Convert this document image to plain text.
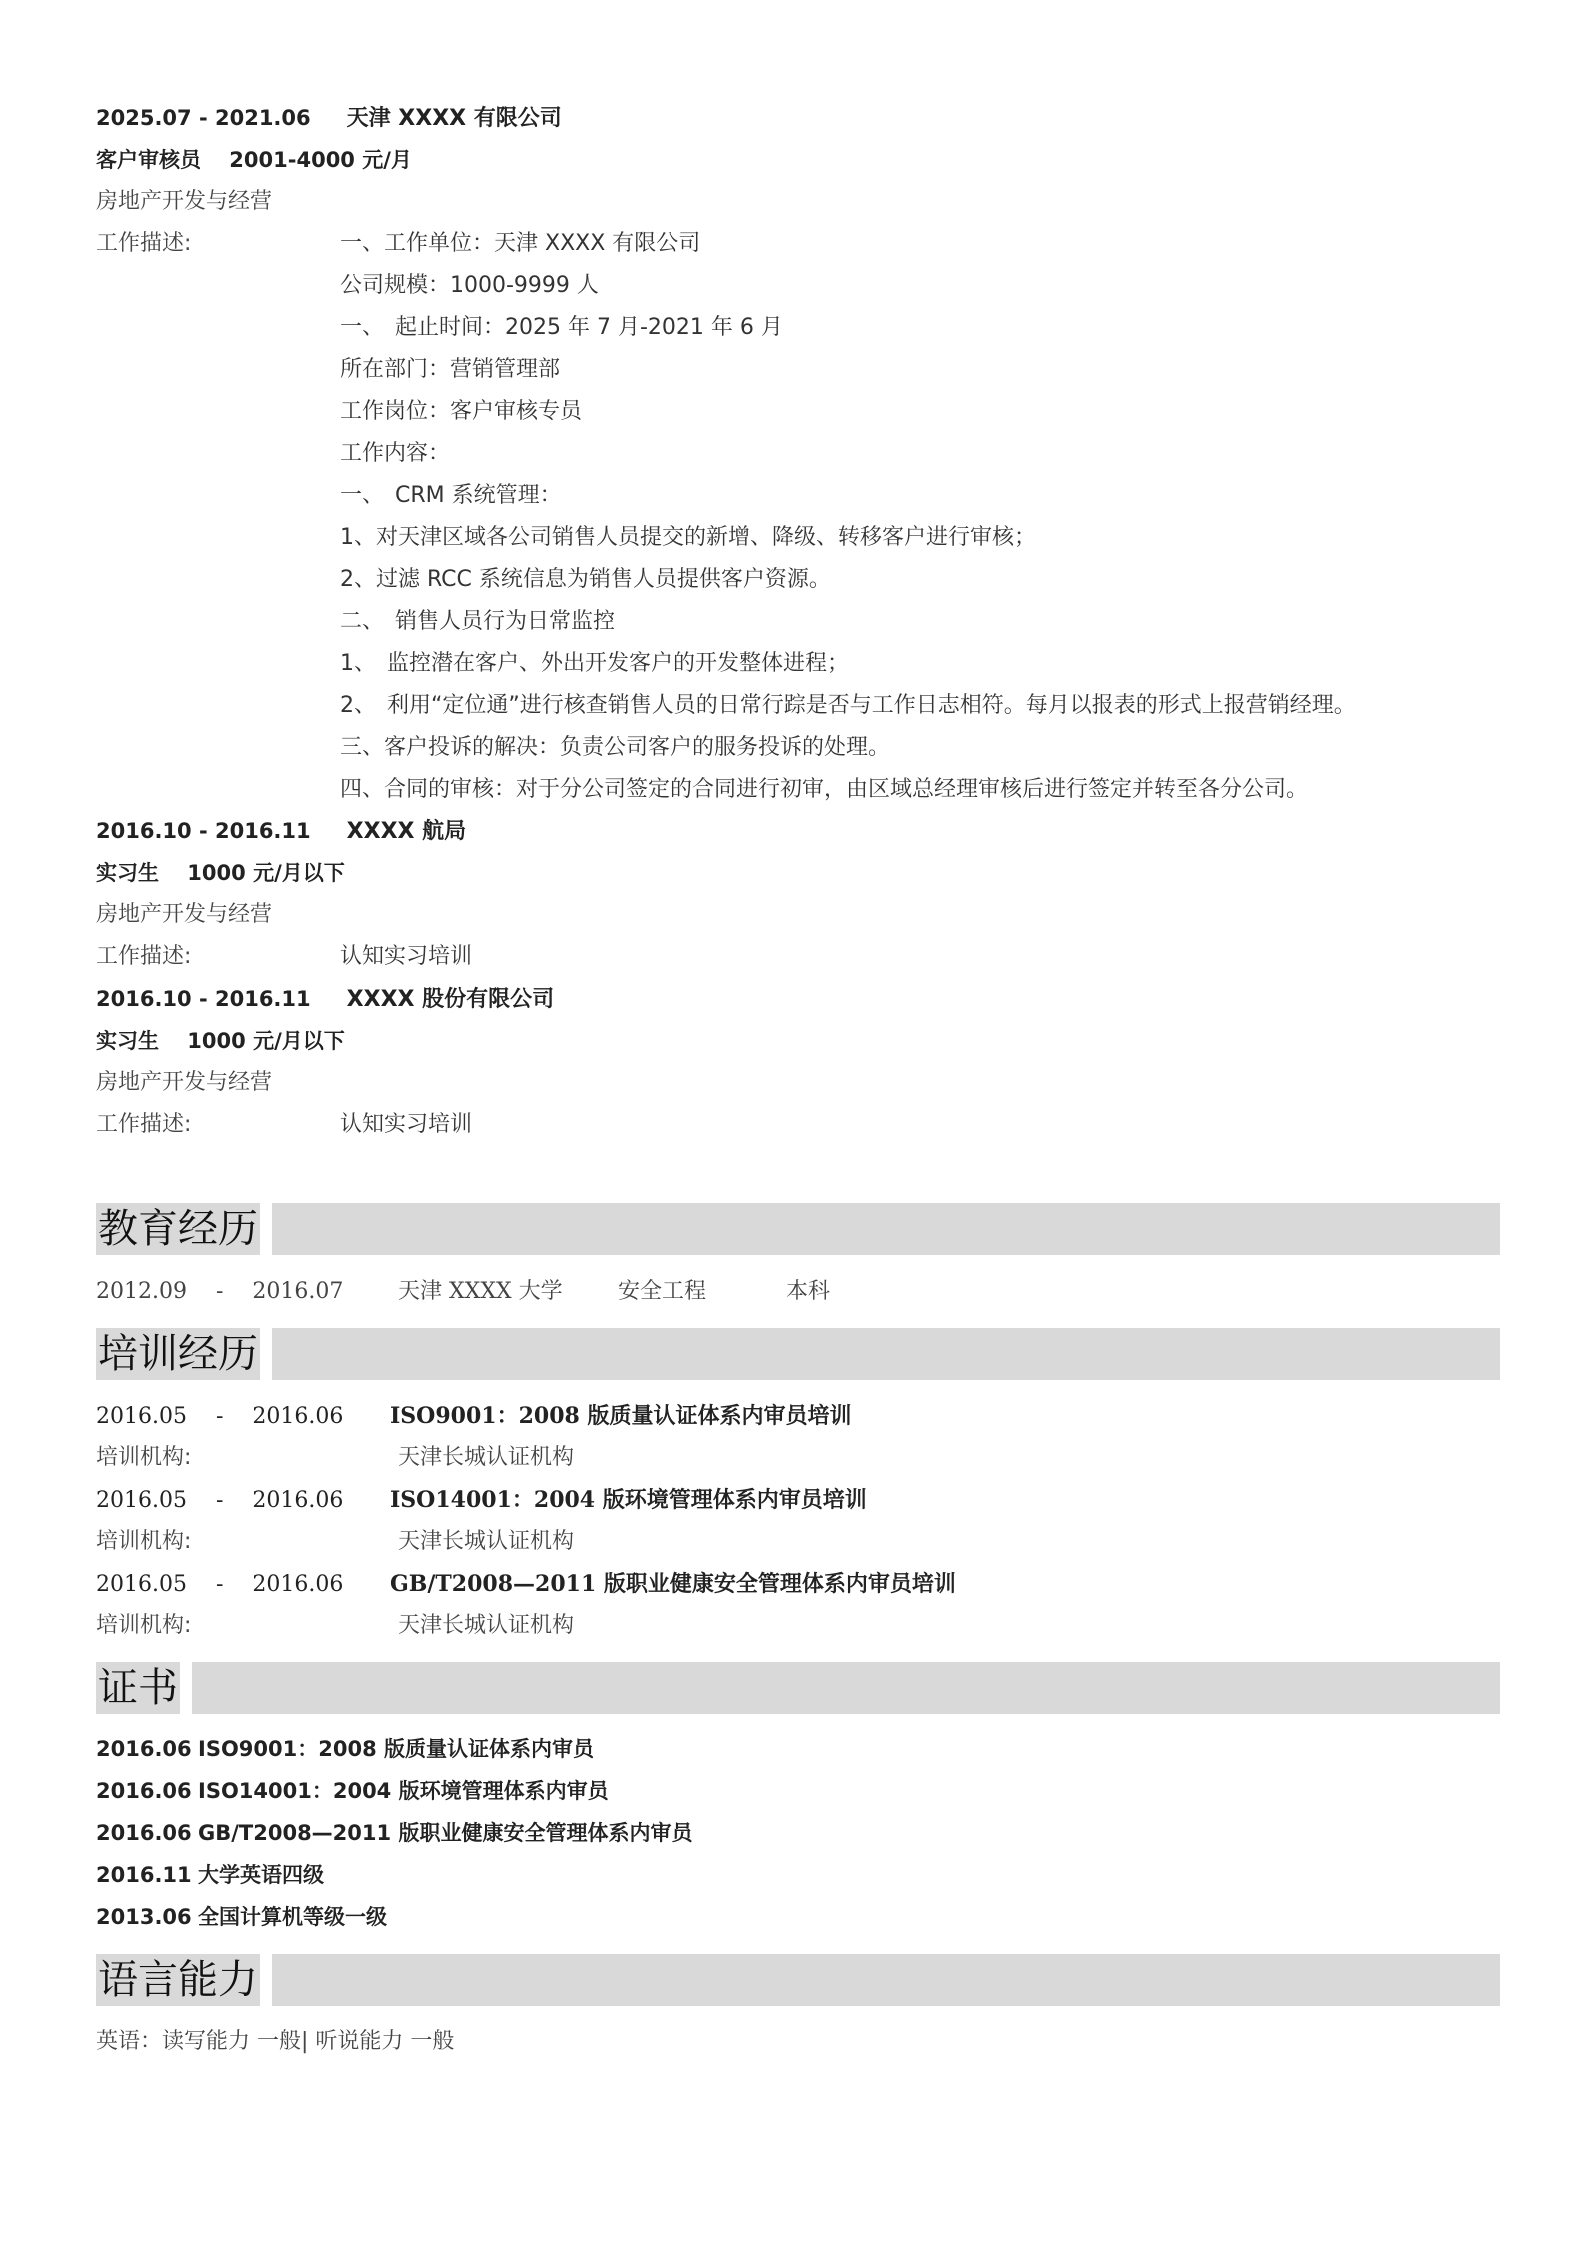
2025.07 - 2021.06 天津 XXXX 有限公司
客户审核员　 2001-4000 元/月
房地产开发与经营
工作描述:	一、工作单位：天津 XXXX 有限公司
公司规模：1000-9999 人
一、　起止时间：2025 年 7 月-2021 年 6 月
所在部门：营销管理部
工作岗位：客户审核专员
工作内容：
一、　CRM 系统管理：
1、对天津区域各公司销售人员提交的新增、降级、转移客户进行审核；
2、过滤 RCC 系统信息为销售人员提供客户资源。
二、　销售人员行为日常监控
1、　监控潜在客户、外出开发客户的开发整体进程；
2、　利用“定位通”进行核查销售人员的日常行踪是否与工作日志相符。每月以报表的形式上报营销经理。
三、客户投诉的解决：负责公司客户的服务投诉的处理。
四、合同的审核：对于分公司签定的合同进行初审，由区域总经理审核后进行签定并转至各分公司。
2016.10 - 2016.11 XXXX 航局
实习生　 1000 元/月以下
房地产开发与经营
工作描述:	认知实习培训
2016.10 - 2016.11 XXXX 股份有限公司
实习生　 1000 元/月以下
房地产开发与经营
工作描述:	认知实习培训
教育经历
2012.09　 -　 2016.07 天津 XXXX 大学	安全工程	本科
培训经历
2016.05　 -　 2016.06 ISO9001：2008 版质量认证体系内审员培训
培训机构:	天津长城认证机构
2016.05　 -　 2016.06 ISO14001：2004 版环境管理体系内审员培训
培训机构:	天津长城认证机构
2016.05　 -　 2016.06 GB/T2008—2011 版职业健康安全管理体系内审员培训
培训机构:	天津长城认证机构
证书
2016.06 ISO9001：2008 版质量认证体系内审员
2016.06 ISO14001：2004 版环境管理体系内审员
2016.06 GB/T2008—2011 版职业健康安全管理体系内审员
2016.11 大学英语四级
2013.06 全国计算机等级一级
语言能力
英语：读写能力 一般| 听说能力 一般
